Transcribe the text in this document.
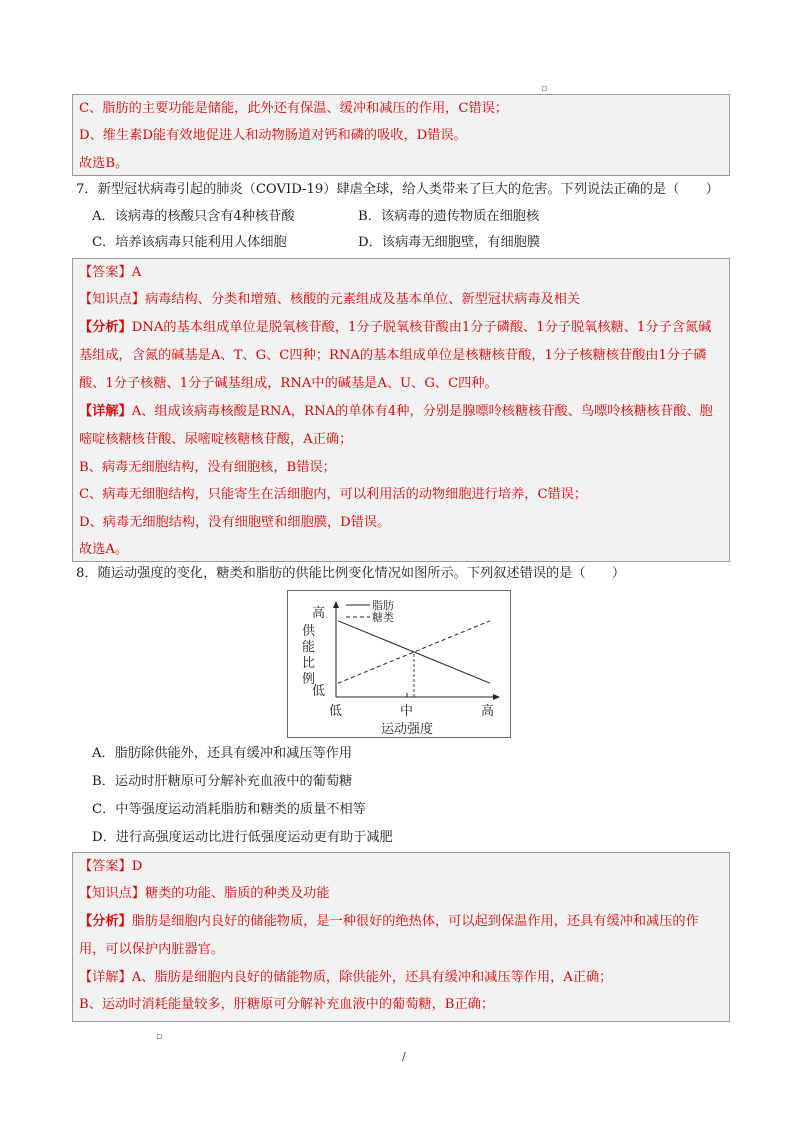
▫
C、脂肪的主要功能是储能，此外还有保温、缓冲和减压的作用，C错误；
D、维生素D能有效地促进人和动物肠道对钙和磷的吸收，D错误。
故选B。
7．新型冠状病毒引起的肺炎（COVID-19）肆虐全球，给人类带来了巨大的危害。下列说法正确的是（　　）
A．该病毒的核酸只含有4种核苷酸	B．该病毒的遗传物质在细胞核
C．培养该病毒只能利用人体细胞	D．该病毒无细胞壁，有细胞膜
【答案】A
【知识点】病毒结构、分类和增殖、核酸的元素组成及基本单位、新型冠状病毒及相关
【分析】DNA的基本组成单位是脱氧核苷酸，1分子脱氧核苷酸由1分子磷酸、1分子脱氧核糖、1分子含氮碱基组成，含氮的碱基是A、T、G、C四种；RNA的基本组成单位是核糖核苷酸，1分子核糖核苷酸由1分子磷酸、1分子核糖、1分子碱基组成，RNA中的碱基是A、U、G、C四种。
【详解】A、组成该病毒核酸是RNA，RNA的单体有4种，分别是腺嘌呤核糖核苷酸、鸟嘌呤核糖核苷酸、胞嘧啶核糖核苷酸、尿嘧啶核糖核苷酸，A正确；
B、病毒无细胞结构，没有细胞核，B错误；
C、病毒无细胞结构，只能寄生在活细胞内，可以利用活的动物细胞进行培养，C错误；
D、病毒无细胞结构，没有细胞壁和细胞膜，D错误。
故选A。
8．随运动强度的变化，糖类和脂肪的供能比例变化情况如图所示。下列叙述错误的是（　　）
供
能
比
例
高
低
低	中	高
运动强度
脂肪
糖类
A．脂肪除供能外，还具有缓冲和减压等作用
B．运动时肝糖原可分解补充血液中的葡萄糖
C．中等强度运动消耗脂肪和糖类的质量不相等
D．进行高强度运动比进行低强度运动更有助于减肥
【答案】D
【知识点】糖类的功能、脂质的种类及功能
【分析】脂肪是细胞内良好的储能物质，是一种很好的绝热体，可以起到保温作用，还具有缓冲和减压的作用，可以保护内脏器官。
【详解】A、脂肪是细胞内良好的储能物质，除供能外，还具有缓冲和减压等作用，A正确；
B、运动时消耗能量较多，肝糖原可分解补充血液中的葡萄糖，B正确；
▫
/
